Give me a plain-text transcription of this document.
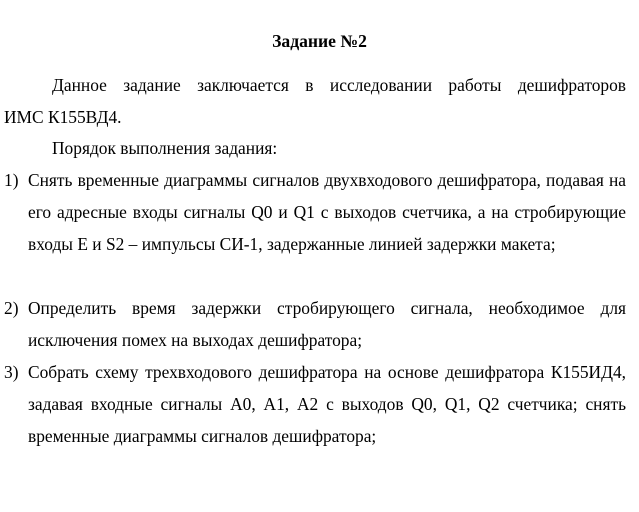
Задание №2
Данное задание заключается в исследовании работы дешифраторов
ИМС К155ВД4.

Порядок выполнения задания:

1) Снять временные диаграммы сигналов двухвходового дешифратора, подавая на его адресные входы сигналы Q0 и Q1 с выходов счетчика, а на стробирующие входы E и S2 – импульсы СИ-1, задержанные линией задержки макета;
2) Определить время задержки стробирующего сигнала, необходимое для исключения помех на выходах дешифратора;
3) Собрать схему трехвходового дешифратора на основе дешифратора К155ИД4, задавая входные сигналы А0, А1, А2 с выходов Q0, Q1, Q2 счетчика; снять временные диаграммы сигналов дешифратора;
